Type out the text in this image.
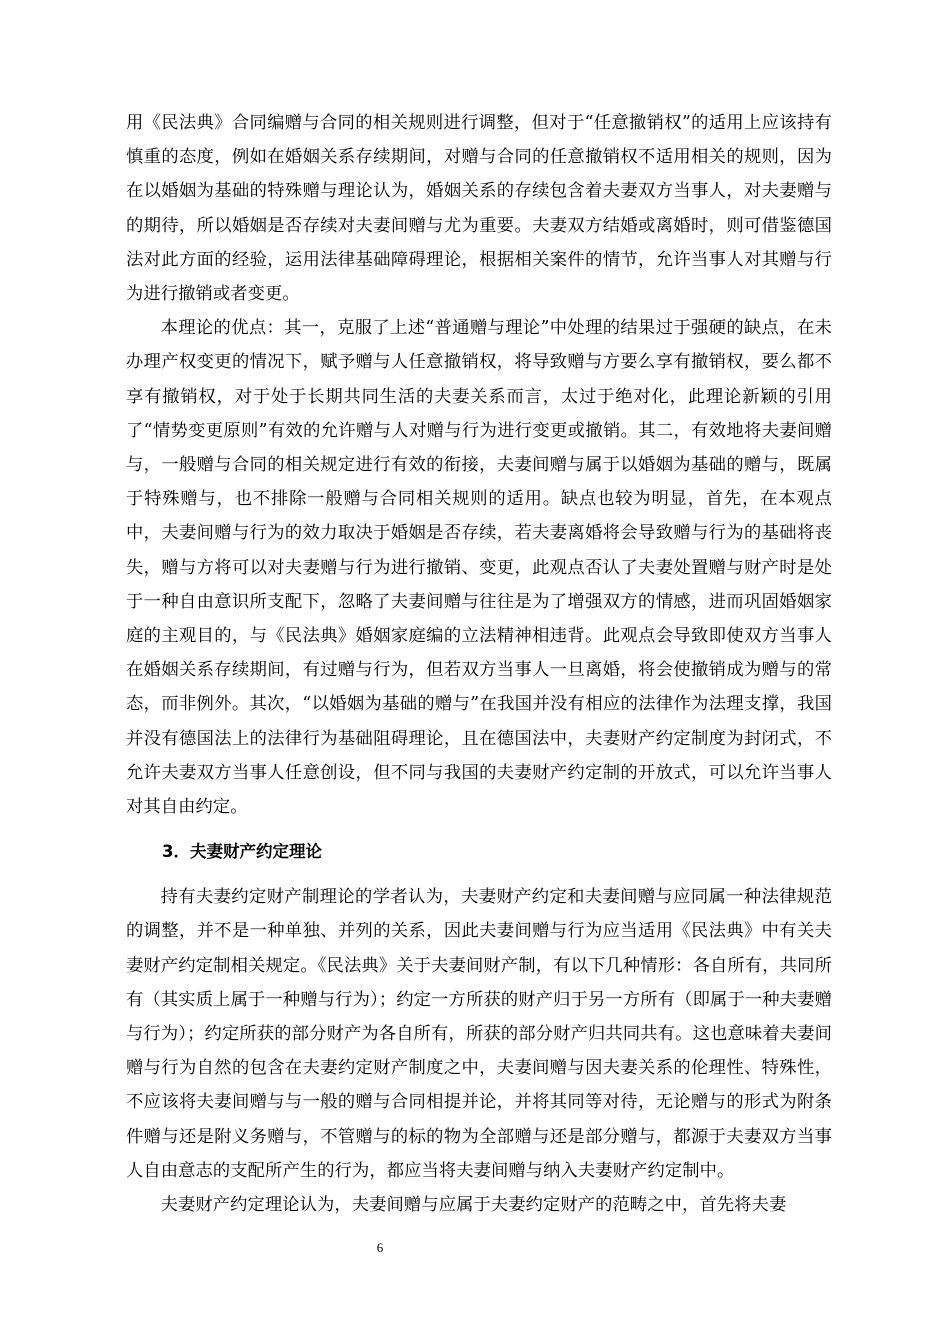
用《民法典》合同编赠与合同的相关规则进行调整，但对于“任意撤销权”的适用上应该持有慎重的态度，例如在婚姻关系存续期间，对赠与合同的任意撤销权不适用相关的规则，因为在以婚姻为基础的特殊赠与理论认为，婚姻关系的存续包含着夫妻双方当事人，对夫妻赠与的期待，所以婚姻是否存续对夫妻间赠与尤为重要。夫妻双方结婚或离婚时，则可借鉴德国法对此方面的经验，运用法律基础障碍理论，根据相关案件的情节，允许当事人对其赠与行为进行撤销或者变更。

本理论的优点：其一，克服了上述“普通赠与理论”中处理的结果过于强硬的缺点，在未办理产权变更的情况下，赋予赠与人任意撤销权，将导致赠与方要么享有撤销权，要么都不享有撤销权，对于处于长期共同生活的夫妻关系而言，太过于绝对化，此理论新颖的引用了“情势变更原则”有效的允许赠与人对赠与行为进行变更或撤销。其二，有效地将夫妻间赠与，一般赠与合同的相关规定进行有效的衔接，夫妻间赠与属于以婚姻为基础的赠与，既属于特殊赠与，也不排除一般赠与合同相关规则的适用。缺点也较为明显，首先，在本观点中，夫妻间赠与行为的效力取决于婚姻是否存续，若夫妻离婚将会导致赠与行为的基础将丧失，赠与方将可以对夫妻赠与行为进行撤销、变更，此观点否认了夫妻处置赠与财产时是处于一种自由意识所支配下，忽略了夫妻间赠与往往是为了增强双方的情感，进而巩固婚姻家庭的主观目的，与《民法典》婚姻家庭编的立法精神相违背。此观点会导致即使双方当事人在婚姻关系存续期间，有过赠与行为，但若双方当事人一旦离婚，将会使撤销成为赠与的常态，而非例外。其次，“以婚姻为基础的赠与”在我国并没有相应的法律作为法理支撑，我国并没有德国法上的法律行为基础阻碍理论，且在德国法中，夫妻财产约定制度为封闭式，不允许夫妻双方当事人任意创设，但不同与我国的夫妻财产约定制的开放式，可以允许当事人对其自由约定。

3．夫妻财产约定理论

持有夫妻约定财产制理论的学者认为，夫妻财产约定和夫妻间赠与应同属一种法律规范的调整，并不是一种单独、并列的关系，因此夫妻间赠与行为应当适用《民法典》中有关夫妻财产约定制相关规定。《民法典》关于夫妻间财产制，有以下几种情形：各自所有，共同所有（其实质上属于一种赠与行为）；约定一方所获的财产归于另一方所有（即属于一种夫妻赠与行为）；约定所获的部分财产为各自所有，所获的部分财产归共同共有。这也意味着夫妻间赠与行为自然的包含在夫妻约定财产制度之中，夫妻间赠与因夫妻关系的伦理性、特殊性，不应该将夫妻间赠与与一般的赠与合同相提并论，并将其同等对待，无论赠与的形式为附条件赠与还是附义务赠与，不管赠与的标的物为全部赠与还是部分赠与，都源于夫妻双方当事人自由意志的支配所产生的行为，都应当将夫妻间赠与纳入夫妻财产约定制中。

夫妻财产约定理论认为，夫妻间赠与应属于夫妻约定财产的范畴之中，首先将夫妻

6
